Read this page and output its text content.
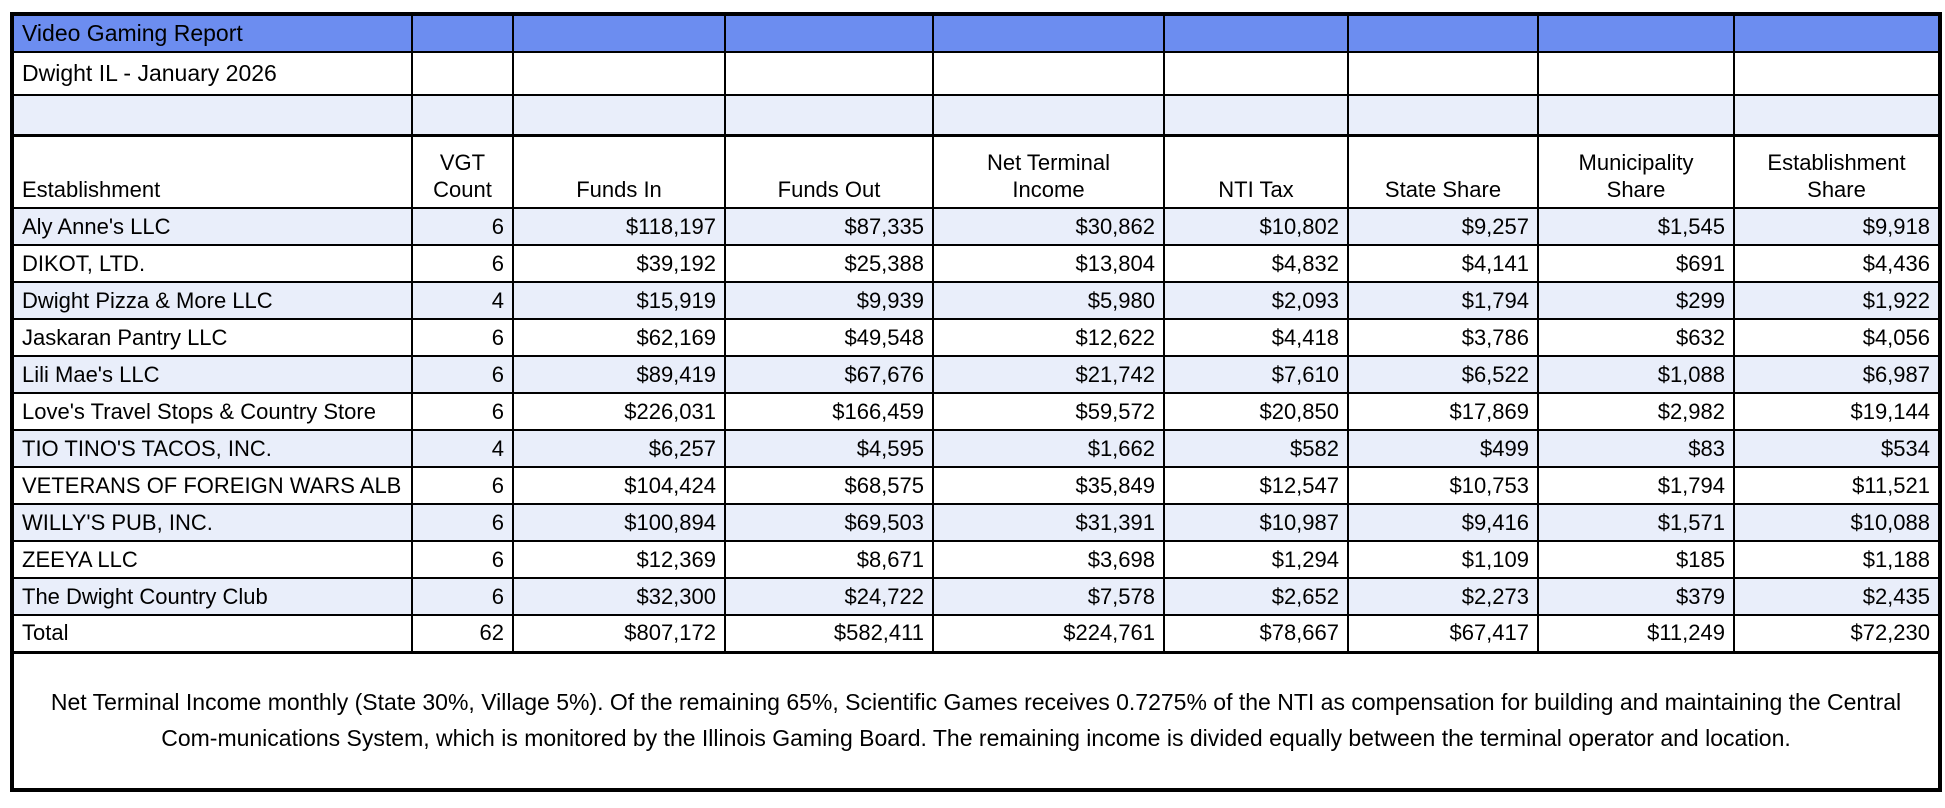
Video Gaming Report								
Dwight IL - January 2026								

Establishment	VGT Count	Funds In	Funds Out	Net Terminal Income	NTI Tax	State Share	Municipality Share	Establishment Share
Aly Anne's LLC	6	$118,197	$87,335	$30,862	$10,802	$9,257	$1,545	$9,918
DIKOT, LTD.	6	$39,192	$25,388	$13,804	$4,832	$4,141	$691	$4,436
Dwight Pizza & More LLC	4	$15,919	$9,939	$5,980	$2,093	$1,794	$299	$1,922
Jaskaran Pantry LLC	6	$62,169	$49,548	$12,622	$4,418	$3,786	$632	$4,056
Lili Mae's LLC	6	$89,419	$67,676	$21,742	$7,610	$6,522	$1,088	$6,987
Love's Travel Stops & Country Store	6	$226,031	$166,459	$59,572	$20,850	$17,869	$2,982	$19,144
TIO TINO'S TACOS, INC.	4	$6,257	$4,595	$1,662	$582	$499	$83	$534
VETERANS OF FOREIGN WARS ALB	6	$104,424	$68,575	$35,849	$12,547	$10,753	$1,794	$11,521
WILLY'S PUB, INC.	6	$100,894	$69,503	$31,391	$10,987	$9,416	$1,571	$10,088
ZEEYA LLC	6	$12,369	$8,671	$3,698	$1,294	$1,109	$185	$1,188
The Dwight Country Club	6	$32,300	$24,722	$7,578	$2,652	$2,273	$379	$2,435
Total	62	$807,172	$582,411	$224,761	$78,667	$67,417	$11,249	$72,230
Net Terminal Income monthly (State 30%, Village 5%). Of the remaining 65%, Scientific Games receives 0.7275% of the NTI as compensation for building and maintaining the Central Com-munications System, which is monitored by the Illinois Gaming Board. The remaining income is divided equally between the terminal operator and location.								
